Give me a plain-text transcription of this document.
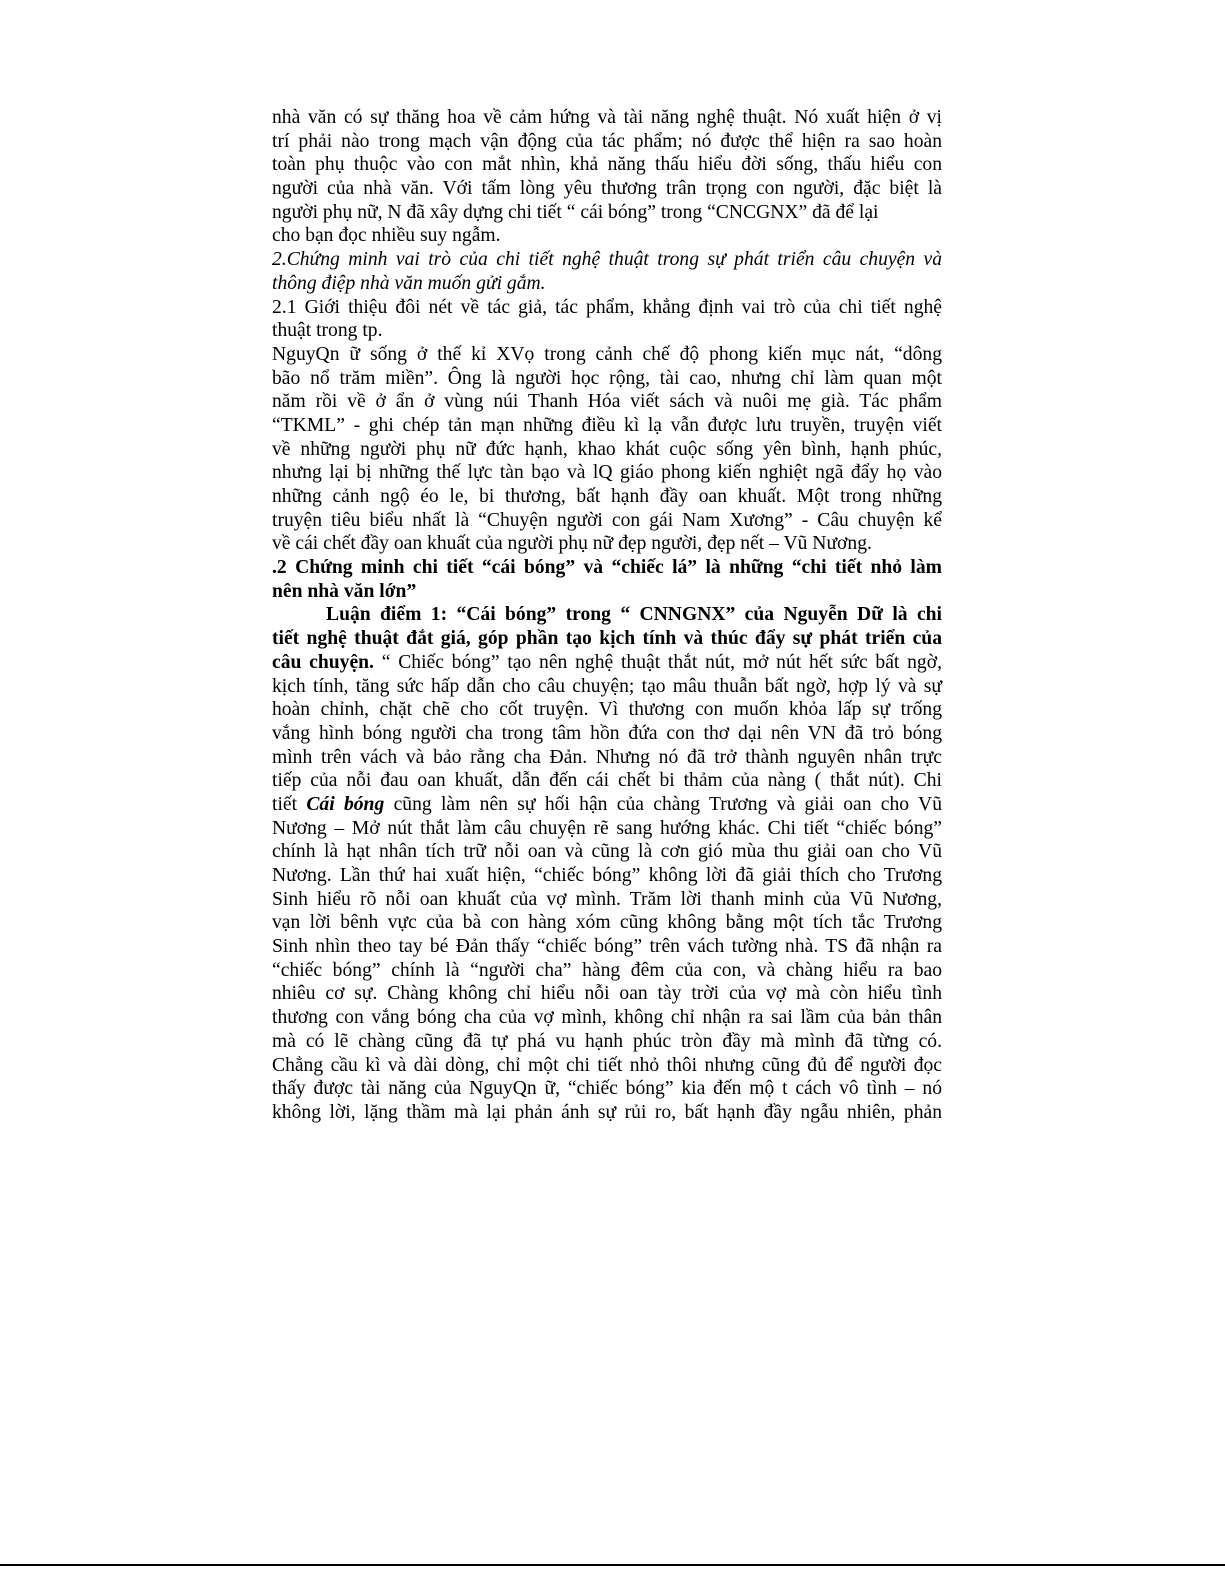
nhà văn có sự thăng hoa về cảm hứng và tài năng nghệ thuật. Nó xuất hiện ở vị
trí phải nào trong mạch vận động của tác phẩm; nó được thể hiện ra sao hoàn
toàn phụ thuộc vào con mắt nhìn, khả năng thấu hiểu đời sống, thấu hiểu con
người của nhà văn. Với tấm lòng yêu thương trân trọng con người, đặc biệt là
người phụ nữ, N đã xây dựng chi tiết “ cái bóng” trong “CNCGNX” đã để lại
cho bạn đọc nhiều suy ngẫm.
2.Chứng minh vai trò của chi tiết nghệ thuật trong sự phát triển câu chuyện và
thông điệp nhà văn muốn gửi gắm.
2.1 Giới thiệu đôi nét về tác giả, tác phẩm, khẳng định vai trò của chi tiết nghệ
thuật trong tp.
NguyQn ữ sống ở thế kỉ XVọ trong cảnh chế độ phong kiến mục nát, “dông
bão nổ trăm miền”. Ông là người học rộng, tài cao, nhưng chỉ làm quan một
năm rồi về ở ẩn ở vùng núi Thanh Hóa viết sách và nuôi mẹ già. Tác phẩm
“TKML” - ghi chép tản mạn những điều kì lạ vẫn được lưu truyền, truyện viết
về những người phụ nữ đức hạnh, khao khát cuộc sống yên bình, hạnh phúc,
nhưng lại bị những thế lực tàn bạo và lQ giáo phong kiến nghiệt ngã đẩy họ vào
những cảnh ngộ éo le, bi thương, bất hạnh đầy oan khuất. Một trong những
truyện tiêu biểu nhất là “Chuyện người con gái Nam Xương” - Câu chuyện kể
về cái chết đầy oan khuất của người phụ nữ đẹp người, đẹp nết – Vũ Nương.
.2 Chứng minh chi tiết “cái bóng” và “chiếc lá” là những “chi tiết nhỏ làm
nên nhà văn lớn”
Luận điểm 1: “Cái bóng” trong “ CNNGNX” của Nguyễn Dữ là chi
tiết nghệ thuật đắt giá, góp phần tạo kịch tính và thúc đẩy sự phát triển của
câu chuyện. “ Chiếc bóng” tạo nên nghệ thuật thắt nút, mở nút hết sức bất ngờ,
kịch tính, tăng sức hấp dẫn cho câu chuyện; tạo mâu thuẫn bất ngờ, hợp lý và sự
hoàn chỉnh, chặt chẽ cho cốt truyện. Vì thương con muốn khỏa lấp sự trống
vắng hình bóng người cha trong tâm hồn đứa con thơ dại nên VN đã trỏ bóng
mình trên vách và bảo rằng cha Đản. Nhưng nó đã trở thành nguyên nhân trực
tiếp của nỗi đau oan khuất, dẫn đến cái chết bi thảm của nàng ( thắt nút). Chi
tiết Cái bóng cũng làm nên sự hối hận của chàng Trương và giải oan cho Vũ
Nương – Mở nút thắt làm câu chuyện rẽ sang hướng khác. Chi tiết “chiếc bóng”
chính là hạt nhân tích trữ nỗi oan và cũng là cơn gió mùa thu giải oan cho Vũ
Nương. Lần thứ hai xuất hiện, “chiếc bóng” không lời đã giải thích cho Trương
Sinh hiểu rõ nỗi oan khuất của vợ mình. Trăm lời thanh minh của Vũ Nương,
vạn lời bênh vực của bà con hàng xóm cũng không bằng một tích tắc Trương
Sinh nhìn theo tay bé Đản thấy “chiếc bóng” trên vách tường nhà. TS đã nhận ra
“chiếc bóng” chính là “người cha” hàng đêm của con, và chàng hiểu ra bao
nhiêu cơ sự. Chàng không chỉ hiểu nỗi oan tày trời của vợ mà còn hiểu tình
thương con vắng bóng cha của vợ mình, không chỉ nhận ra sai lầm của bản thân
mà có lẽ chàng cũng đã tự phá vu hạnh phúc tròn đầy mà mình đã từng có.
Chẳng cầu kì và dài dòng, chỉ một chi tiết nhỏ thôi nhưng cũng đủ để người đọc
thấy được tài năng của NguyQn ữ, “chiếc bóng” kia đến mộ t cách vô tình – nó
không lời, lặng thầm mà lại phản ánh sự rủi ro, bất hạnh đầy ngẫu nhiên, phản
